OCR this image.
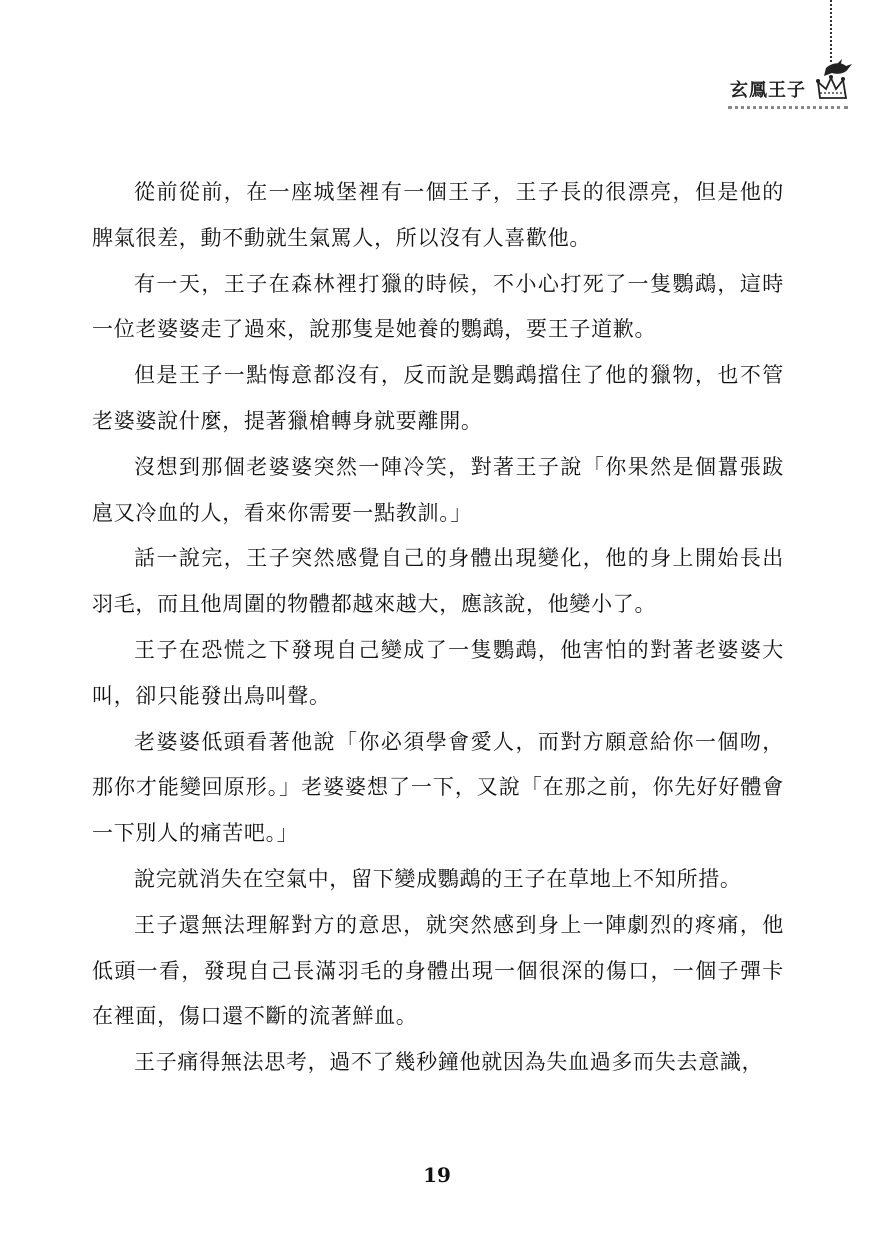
玄鳳王子

從前從前，在一座城堡裡有一個王子，王子長的很漂亮，但是他的脾氣很差，動不動就生氣罵人，所以沒有人喜歡他。

有一天，王子在森林裡打獵的時候，不小心打死了一隻鸚鵡，這時一位老婆婆走了過來，說那隻是她養的鸚鵡，要王子道歉。

但是王子一點悔意都沒有，反而說是鸚鵡擋住了他的獵物，也不管老婆婆說什麼，提著獵槍轉身就要離開。

沒想到那個老婆婆突然一陣冷笑，對著王子說「你果然是個囂張跋扈又冷血的人，看來你需要一點教訓。」

話一說完，王子突然感覺自己的身體出現變化，他的身上開始長出羽毛，而且他周圍的物體都越來越大，應該說，他變小了。

王子在恐慌之下發現自己變成了一隻鸚鵡，他害怕的對著老婆婆大叫，卻只能發出鳥叫聲。

老婆婆低頭看著他說「你必須學會愛人，而對方願意給你一個吻，那你才能變回原形。」老婆婆想了一下，又說「在那之前，你先好好體會一下別人的痛苦吧。」

說完就消失在空氣中，留下變成鸚鵡的王子在草地上不知所措。

王子還無法理解對方的意思，就突然感到身上一陣劇烈的疼痛，他低頭一看，發現自己長滿羽毛的身體出現一個很深的傷口，一個子彈卡在裡面，傷口還不斷的流著鮮血。

王子痛得無法思考，過不了幾秒鐘他就因為失血過多而失去意識，

19
